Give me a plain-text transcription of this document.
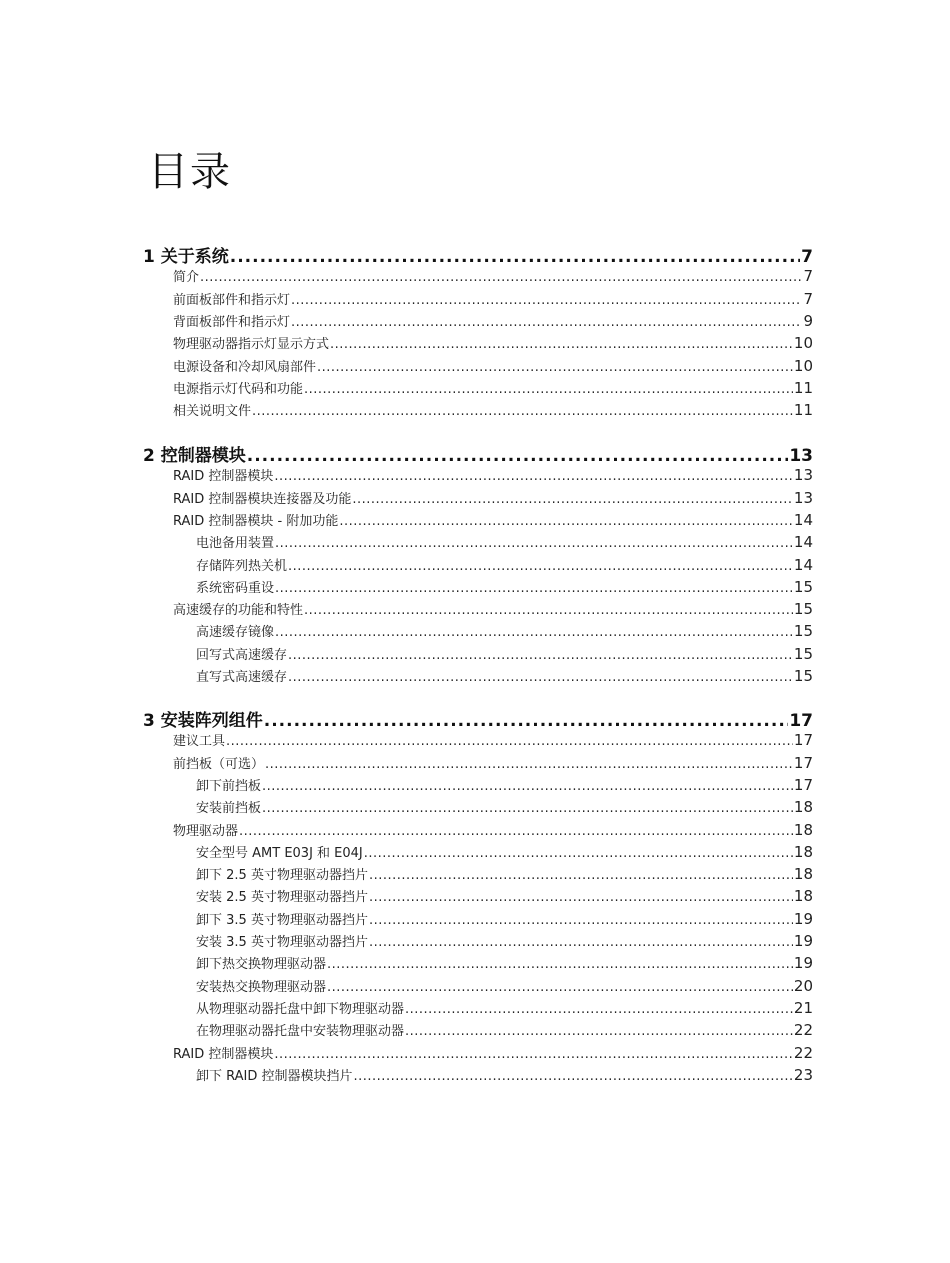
目录
1 关于系统 .....	7
简介 .....	7
前面板部件和指示灯 .....	7
背面板部件和指示灯 .....	9
物理驱动器指示灯显示方式 .....	10
电源设备和冷却风扇部件 .....	10
电源指示灯代码和功能 .....	11
相关说明文件 .....	11
2 控制器模块 .....	13
RAID 控制器模块 .....	13
RAID 控制器模块连接器及功能 .....	13
RAID 控制器模块 - 附加功能 .....	14
电池备用装置 .....	14
存储阵列热关机 .....	14
系统密码重设 .....	15
高速缓存的功能和特性 .....	15
高速缓存镜像 .....	15
回写式高速缓存 .....	15
直写式高速缓存 .....	15
3 安装阵列组件 .....	17
建议工具 .....	17
前挡板（可选） .....	17
卸下前挡板 .....	17
安装前挡板 .....	18
物理驱动器 .....	18
安全型号 AMT E03J 和 E04J .....	18
卸下 2.5 英寸物理驱动器挡片 .....	18
安装 2.5 英寸物理驱动器挡片 .....	18
卸下 3.5 英寸物理驱动器挡片 .....	19
安装 3.5 英寸物理驱动器挡片 .....	19
卸下热交换物理驱动器 .....	19
安装热交换物理驱动器 .....	20
从物理驱动器托盘中卸下物理驱动器 .....	21
在物理驱动器托盘中安装物理驱动器 .....	22
RAID 控制器模块 .....	22
卸下 RAID 控制器模块挡片 .....	23
